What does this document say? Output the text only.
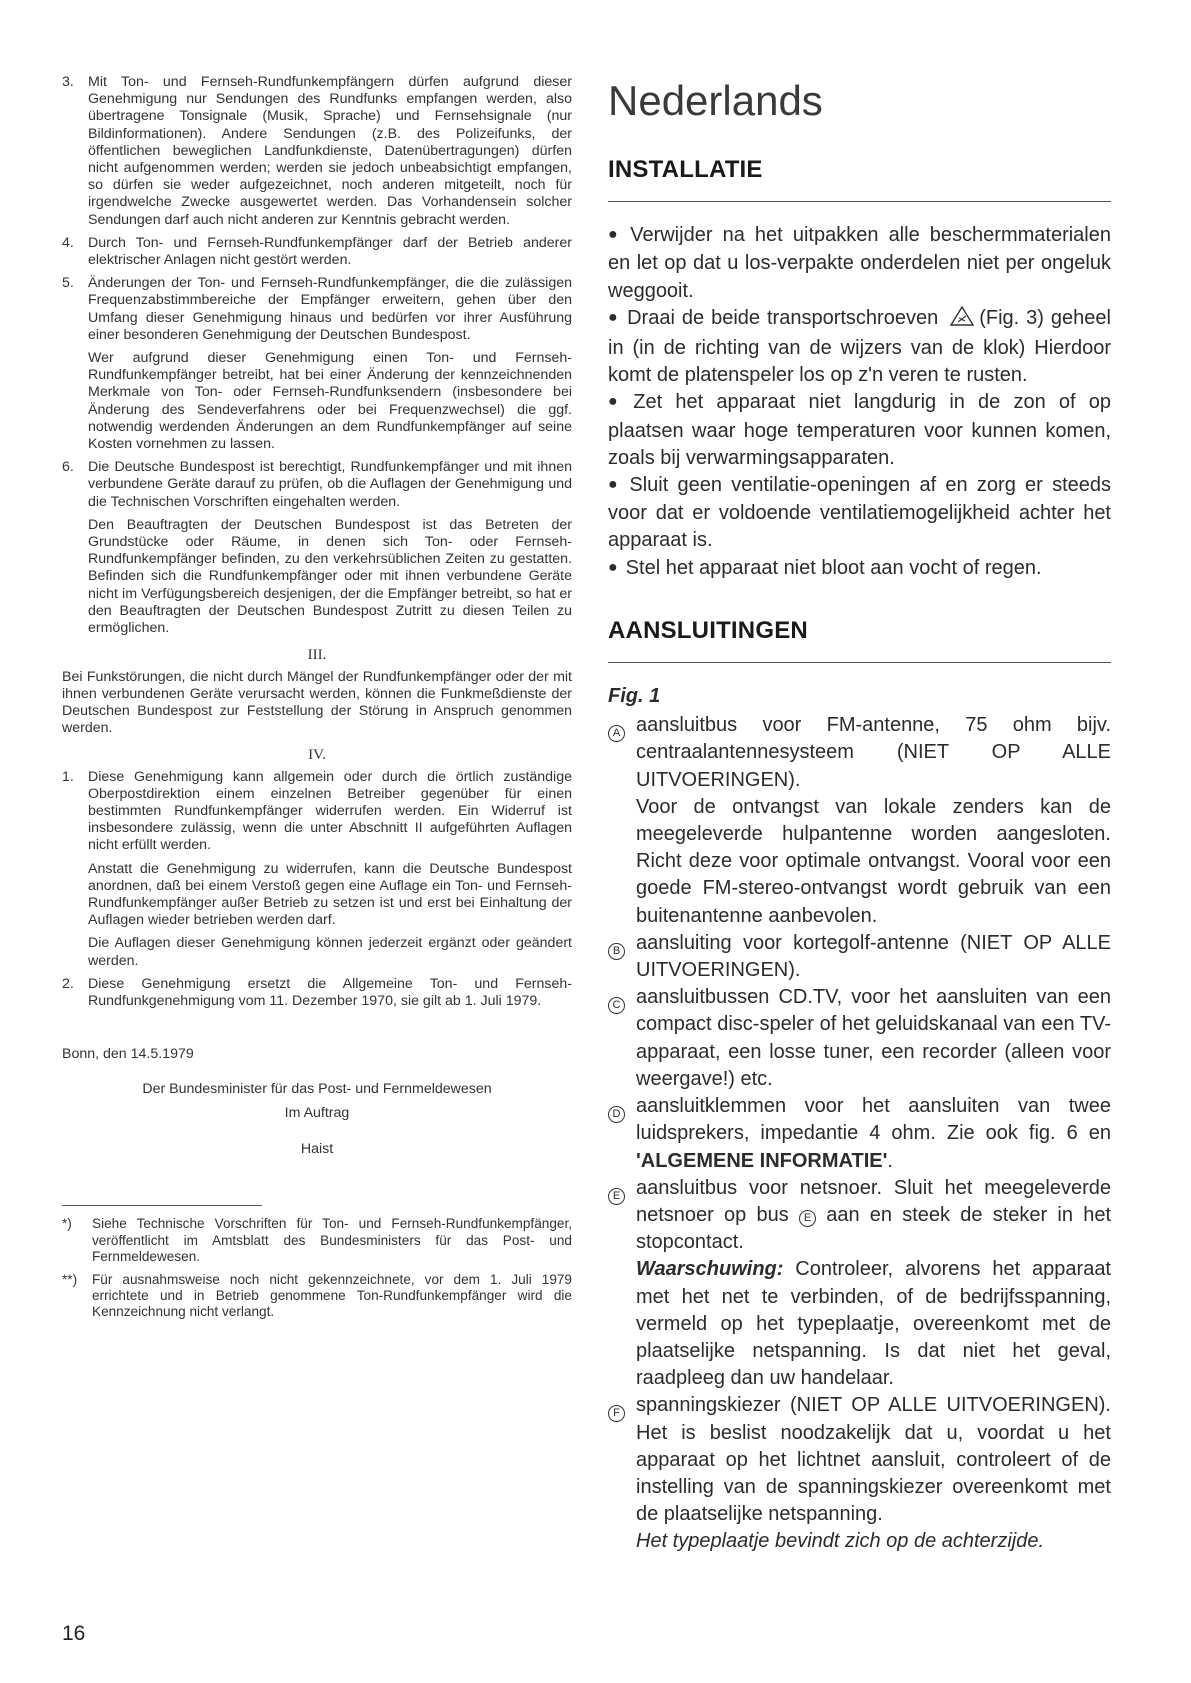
3. Mit Ton- und Fernseh-Rundfunkempfängern dürfen aufgrund dieser Genehmigung nur Sendungen des Rundfunks empfangen werden, also übertragene Tonsignale (Musik, Sprache) und Fernsehsignale (nur Bildinformationen). Andere Sendungen (z.B. des Polizeifunks, der öffentlichen beweglichen Landfunkdienste, Datenübertragungen) dürfen nicht aufgenommen werden; werden sie jedoch unbeabsichtigt empfangen, so dürfen sie weder aufgezeichnet, noch anderen mitgeteilt, noch für irgendwelche Zwecke ausgewertet werden. Das Vorhandensein solcher Sendungen darf auch nicht anderen zur Kenntnis gebracht werden.
4. Durch Ton- und Fernseh-Rundfunkempfänger darf der Betrieb anderer elektrischer Anlagen nicht gestört werden.
5. Änderungen der Ton- und Fernseh-Rundfunkempfänger, die die zulässigen Frequenzabstimmbereiche der Empfänger erweitern, gehen über den Umfang dieser Genehmigung hinaus und bedürfen vor ihrer Ausführung einer besonderen Genehmigung der Deutschen Bundespost.
Wer aufgrund dieser Genehmigung einen Ton- und Fernseh-Rundfunkempfänger betreibt, hat bei einer Änderung der kennzeichnenden Merkmale von Ton- oder Fernseh-Rundfunksendern (insbesondere bei Änderung des Sendeverfahrens oder bei Frequenzwechsel) die ggf. notwendig werdenden Änderungen an dem Rundfunkempfänger auf seine Kosten vornehmen zu lassen.
6. Die Deutsche Bundespost ist berechtigt, Rundfunkempfänger und mit ihnen verbundene Geräte darauf zu prüfen, ob die Auflagen der Genehmigung und die Technischen Vorschriften eingehalten werden.
Den Beauftragten der Deutschen Bundespost ist das Betreten der Grundstücke oder Räume, in denen sich Ton- oder Fernseh-Rundfunkempfänger befinden, zu den verkehrsüblichen Zeiten zu gestatten. Befinden sich die Rundfunkempfänger oder mit ihnen verbundene Geräte nicht im Verfügungsbereich desjenigen, der die Empfänger betreibt, so hat er den Beauftragten der Deutschen Bundespost Zutritt zu diesen Teilen zu ermöglichen.
III.
Bei Funkstörungen, die nicht durch Mängel der Rundfunkempfänger oder der mit ihnen verbundenen Geräte verursacht werden, können die Funkmeßdienste der Deutschen Bundespost zur Feststellung der Störung in Anspruch genommen werden.
IV.
1. Diese Genehmigung kann allgemein oder durch die örtlich zuständige Oberpostdirektion einem einzelnen Betreiber gegenüber für einen bestimmten Rundfunkempfänger widerrufen werden. Ein Widerruf ist insbesondere zulässig, wenn die unter Abschnitt II aufgeführten Auflagen nicht erfüllt werden.
Anstatt die Genehmigung zu widerrufen, kann die Deutsche Bundespost anordnen, daß bei einem Verstoß gegen eine Auflage ein Ton- und Fernseh-Rundfunkempfänger außer Betrieb zu setzen ist und erst bei Einhaltung der Auflagen wieder betrieben werden darf.
Die Auflagen dieser Genehmigung können jederzeit ergänzt oder geändert werden.
2. Diese Genehmigung ersetzt die Allgemeine Ton- und Fernseh-Rundfunkgenehmigung vom 11. Dezember 1970, sie gilt ab 1. Juli 1979.
Bonn, den 14.5.1979
Der Bundesminister für das Post- und Fernmeldewesen
Im Auftrag
Haist
*)	Siehe Technische Vorschriften für Ton- und Fernseh-Rundfunkempfänger, veröffentlicht im Amtsblatt des Bundesministers für das Post- und Fernmeldewesen.
**)	Für ausnahmsweise noch nicht gekennzeichnete, vor dem 1. Juli 1979 errichtete und in Betrieb genommene Ton-Rundfunkempfänger wird die Kennzeichnung nicht verlangt.
16
Nederlands
INSTALLATIE

● Verwijder na het uitpakken alle beschermmaterialen en let op dat u los-verpakte onderdelen niet per ongeluk weggooit.

● Draai de beide transportschroeven (Fig. 3) geheel in (in de richting van de wijzers van de klok) Hierdoor komt de platenspeler los op z'n veren te rusten.

● Zet het apparaat niet langdurig in de zon of op plaatsen waar hoge temperaturen voor kunnen komen, zoals bij verwarmingsapparaten.

● Sluit geen ventilatie-openingen af en zorg er steeds voor dat er voldoende ventilatiemogelijkheid achter het apparaat is.

● Stel het apparaat niet bloot aan vocht of regen.

AANSLUITINGEN
Fig. 1
A aansluitbus voor FM-antenne, 75 ohm bijv. centraalantennesysteem (NIET OP ALLE UITVOERINGEN).
Voor de ontvangst van lokale zenders kan de meegeleverde hulpantenne worden aangesloten. Richt deze voor optimale ontvangst. Vooral voor een goede FM-stereo-ontvangst wordt gebruik van een buitenantenne aanbevolen.
B aansluiting voor kortegolf-antenne (NIET OP ALLE UITVOERINGEN).
C aansluitbussen CD.TV, voor het aansluiten van een compact disc-speler of het geluidskanaal van een TV-apparaat, een losse tuner, een recorder (alleen voor weergave!) etc.
D aansluitklemmen voor het aansluiten van twee luidsprekers, impedantie 4 ohm. Zie ook fig. 6 en 'ALGEMENE INFORMATIE'.
E aansluitbus voor netsnoer. Sluit het meegeleverde netsnoer op bus E aan en steek de steker in het stopcontact.
Waarschuwing: Controleer, alvorens het apparaat met het net te verbinden, of de bedrijfsspanning, vermeld op het typeplaatje, overeenkomt met de plaatselijke netspanning. Is dat niet het geval, raadpleeg dan uw handelaar.
F spanningskiezer (NIET OP ALLE UITVOERINGEN). Het is beslist noodzakelijk dat u, voordat u het apparaat op het lichtnet aansluit, controleert of de instelling van de spanningskiezer overeenkomt met de plaatselijke netspanning.
Het typeplaatje bevindt zich op de achterzijde.
